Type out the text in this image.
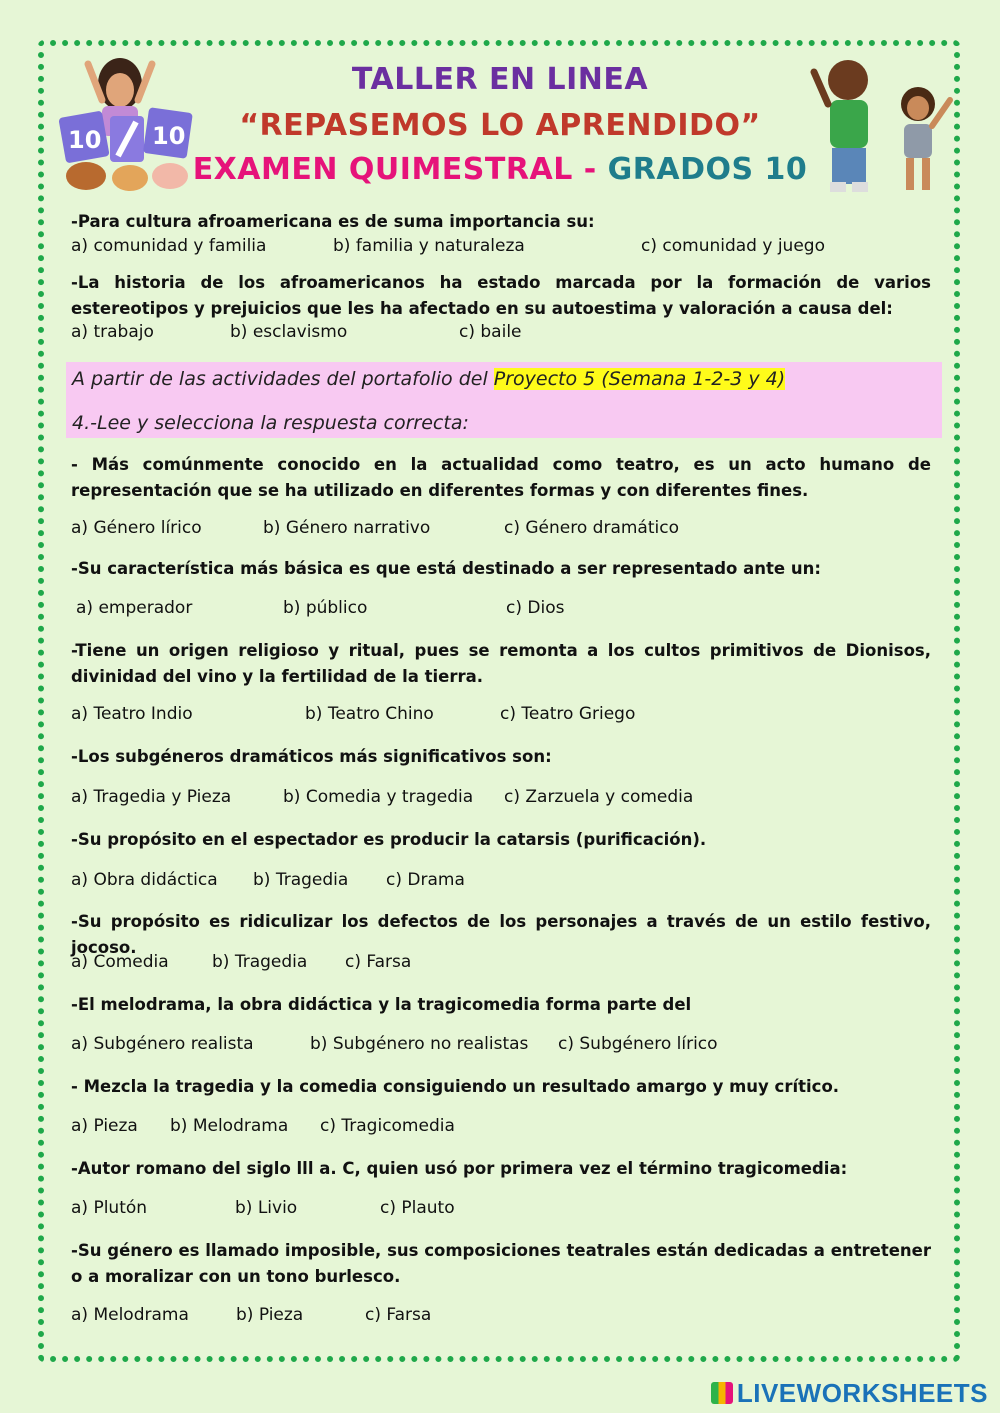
10 10
TALLER EN LINEA
“REPASEMOS LO APRENDIDO”
EXAMEN QUIMESTRAL - GRADOS 10
-Para cultura afroamericana es de suma importancia su:
a) comunidad y familia	b) familia y naturaleza	c) comunidad y juego
-La historia de los afroamericanos ha estado marcada por la formación de varios estereotipos y prejuicios que les ha afectado en su autoestima y valoración a causa del:
a) trabajo	b) esclavismo	c) baile
A partir de las actividades del portafolio del Proyecto 5 (Semana 1-2-3 y 4)
4.-Lee y selecciona la respuesta correcta:
- Más comúnmente conocido en la actualidad como teatro, es un acto humano de representación que se ha utilizado en diferentes formas y con diferentes fines.
a) Género lírico	b) Género narrativo	c) Género dramático
-Su característica más básica es que está destinado a ser representado ante un:
a) emperador	b) público	c) Dios
-Tiene un origen religioso y ritual, pues se remonta a los cultos primitivos de Dionisos, divinidad del vino y la fertilidad de la tierra.
a) Teatro Indio	b) Teatro Chino	c) Teatro Griego
-Los subgéneros dramáticos más significativos son:
a) Tragedia y Pieza	b) Comedia y tragedia c) Zarzuela y comedia
-Su propósito en el espectador es producir la catarsis (purificación).
a) Obra didáctica b) Tragedia c) Drama
-Su propósito es ridiculizar los defectos de los personajes a través de un estilo festivo, jocoso.
a) Comedia	b) Tragedia c) Farsa
-El melodrama, la obra didáctica y la tragicomedia forma parte del
a) Subgénero realista	b) Subgénero no realistas c) Subgénero lírico
- Mezcla la tragedia y la comedia consiguiendo un resultado amargo y muy crítico.
a) Pieza b) Melodrama c) Tragicomedia
-Autor romano del siglo lll a. C, quien usó por primera vez el término tragicomedia:
a) Plutón	b) Livio	c) Plauto
-Su género es llamado imposible, sus composiciones teatrales están dedicadas a entretener o a moralizar con un tono burlesco.
a) Melodrama	b) Pieza	c) Farsa
LIVEWORKSHEETS
